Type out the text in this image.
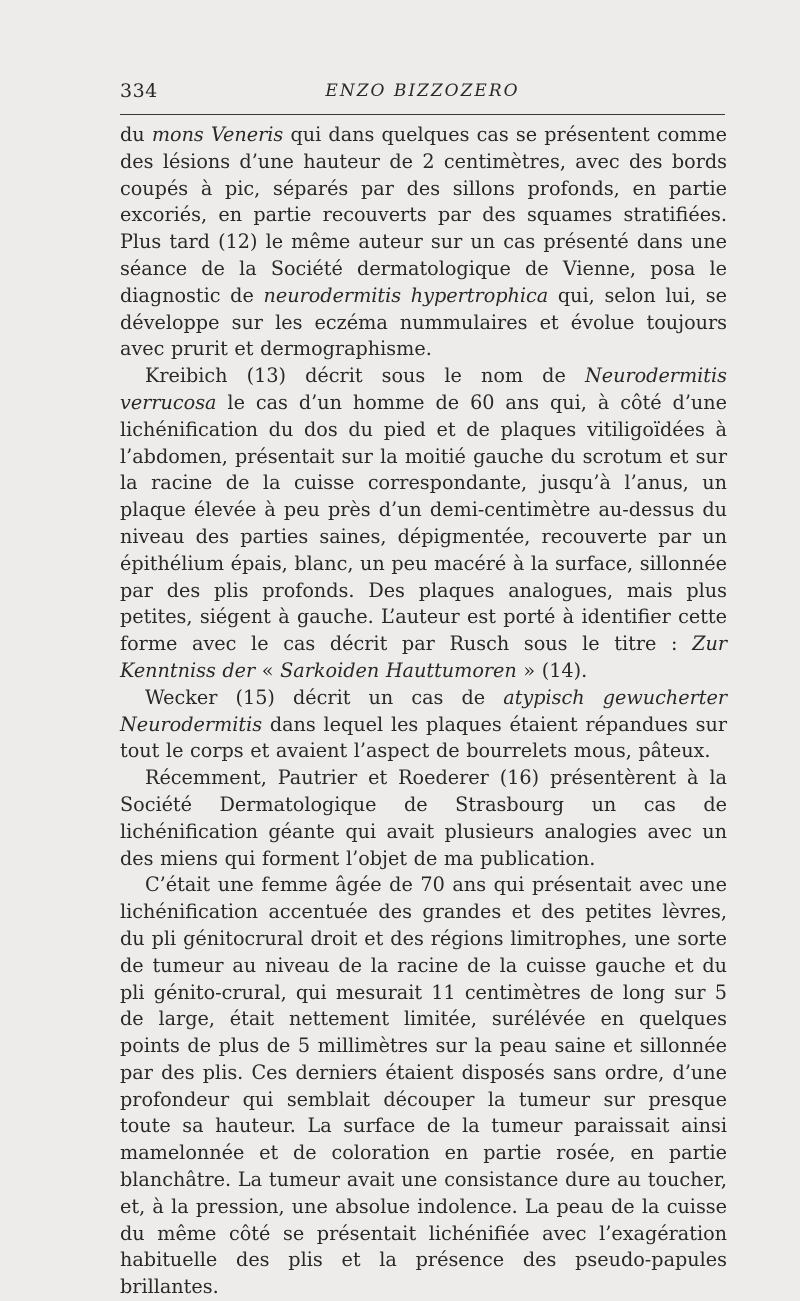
334	ENZO BIZZOZERO

du mons Veneris qui dans quelques cas se présentent comme des lésions d’une hauteur de 2 centimètres, avec des bords coupés à pic, séparés par des sillons profonds, en partie excoriés, en partie recouverts par des squames stratifiées. Plus tard (12) le même auteur sur un cas présenté dans une séance de la Société dermatologique de Vienne, posa le diagnostic de neurodermitis hypertrophica qui, selon lui, se développe sur les eczéma nummulaires et évolue toujours avec prurit et dermographisme.

Kreibich (13) décrit sous le nom de Neurodermitis verrucosa le cas d’un homme de 60 ans qui, à côté d’une lichénification du dos du pied et de plaques vitiligoïdées à l’abdomen, présentait sur la moitié gauche du scrotum et sur la racine de la cuisse correspondante, jusqu’à l’anus, un plaque élevée à peu près d’un demi-centimètre au-dessus du niveau des parties saines, dépigmentée, recouverte par un épithélium épais, blanc, un peu macéré à la surface, sillonnée par des plis profonds. Des plaques analogues, mais plus petites, siégent à gauche. L’auteur est porté à identifier cette forme avec le cas décrit par Rusch sous le titre : Zur Kenntniss der « Sarkoiden Hauttumoren » (14).

Wecker (15) décrit un cas de atypisch gewucherter Neurodermitis dans lequel les plaques étaient répandues sur tout le corps et avaient l’aspect de bourrelets mous, pâteux.

Récemment, Pautrier et Roederer (16) présentèrent à la Société Dermatologique de Strasbourg un cas de lichénification géante qui avait plusieurs analogies avec un des miens qui forment l’objet de ma publication.

C’était une femme âgée de 70 ans qui présentait avec une lichénification accentuée des grandes et des petites lèvres, du pli génitocrural droit et des régions limitrophes, une sorte de tumeur au niveau de la racine de la cuisse gauche et du pli génito-crural, qui mesurait 11 centimètres de long sur 5 de large, était nettement limitée, surélévée en quelques points de plus de 5 millimètres sur la peau saine et sillonnée par des plis. Ces derniers étaient disposés sans ordre, d’une profondeur qui semblait découper la tumeur sur presque toute sa hauteur. La surface de la tumeur paraissait ainsi mamelonnée et de coloration en partie rosée, en partie blanchâtre. La tumeur avait une consistance dure au toucher, et, à la pression, une absolue indolence. La peau de la cuisse du même côté se présentait lichénifiée avec l’exagération habituelle des plis et la présence des pseudo-papules brillantes.
